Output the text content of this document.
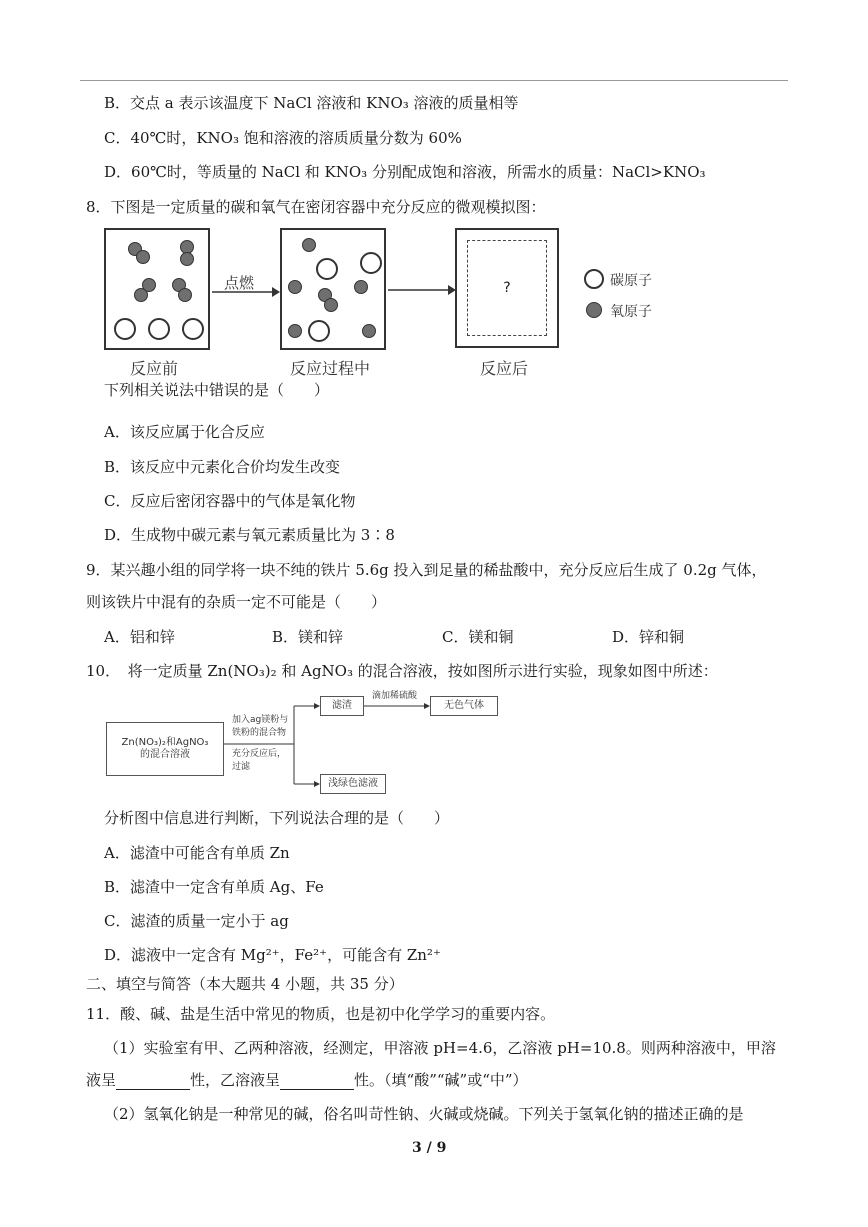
B．交点 a 表示该温度下 NaCl 溶液和 KNO₃ 溶液的质量相等
C．40℃时，KNO₃ 饱和溶液的溶质质量分数为 60%
D．60℃时，等质量的 NaCl 和 KNO₃ 分别配成饱和溶液，所需水的质量：NaCl>KNO₃
8．下图是一定质量的碳和氧气在密闭容器中充分反应的微观模拟图：
点燃	?	碳原子
氧原子
反应前	反应过程中	反应后
下列相关说法中错误的是（　　）
A．该反应属于化合反应
B．该反应中元素化合价均发生改变
C．反应后密闭容器中的气体是氧化物
D．生成物中碳元素与氧元素质量比为 3∶8
9．某兴趣小组的同学将一块不纯的铁片 5.6g 投入到足量的稀盐酸中，充分反应后生成了 0.2g 气体，
则该铁片中混有的杂质一定不可能是（　　）
A．铝和锌	B．镁和锌	C．镁和铜	D．锌和铜
10．　将一定质量 Zn(NO₃)₂ 和 AgNO₃ 的混合溶液，按如图所示进行实验，现象如图中所述：
Zn(NO₃)₂和AgNO₃
的混合溶液
加入ag镁粉与
铁粉的混合物
充分反应后，
过滤
滤渣
滴加稀硫酸
无色气体
浅绿色滤液
分析图中信息进行判断，下列说法合理的是（　　）
A．滤渣中可能含有单质 Zn
B．滤渣中一定含有单质 Ag、Fe
C．滤渣的质量一定小于 ag
D．滤液中一定含有 Mg²⁺，Fe²⁺，可能含有 Zn²⁺
二、填空与简答（本大题共 4 小题，共 35 分）
11．酸、碱、盐是生活中常见的物质，也是初中化学学习的重要内容。
（1）实验室有甲、乙两种溶液，经测定，甲溶液 pH=4.6，乙溶液 pH=10.8。则两种溶液中，甲溶
液呈	性，乙溶液呈	性。（填“酸”“碱”或“中”）
（2）氢氧化钠是一种常见的碱，俗名叫苛性钠、火碱或烧碱。下列关于氢氧化钠的描述正确的是
3 / 9
